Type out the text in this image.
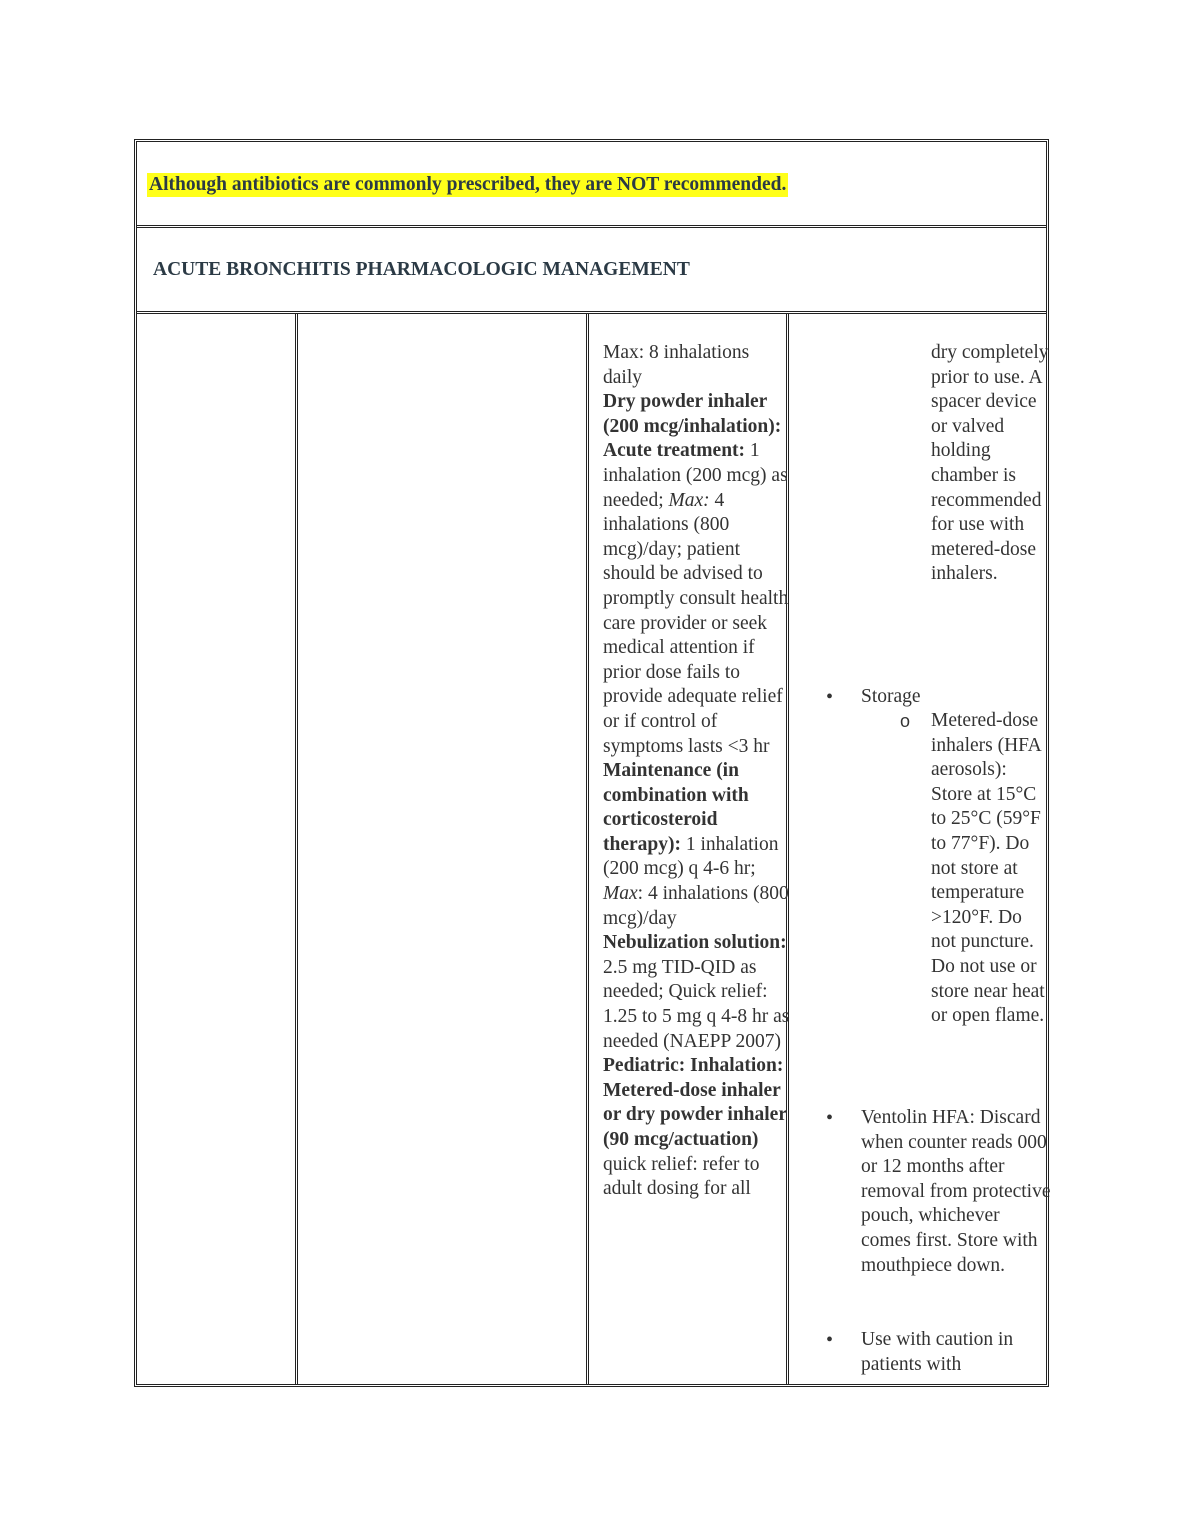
Although antibiotics are commonly prescribed, they are NOT recommended.
ACUTE BRONCHITIS PHARMACOLOGIC MANAGEMENT

Max: 8 inhalations daily

Dry powder inhaler (200 mcg/inhalation): Acute treatment: 1 inhalation (200 mcg) as needed; Max: 4 inhalations (800 mcg)/day; patient should be advised to promptly consult health care provider or seek medical attention if prior dose fails to provide adequate relief or if control of symptoms lasts <3 hr

Maintenance (in combination with corticosteroid therapy): 1 inhalation (200 mcg) q 4-6 hr; Max: 4 inhalations (800 mcg)/day

Nebulization solution: 2.5 mg TID-QID as needed; Quick relief: 1.25 to 5 mg q 4-8 hr as needed (NAEPP 2007)

Pediatric: Inhalation: Metered-dose inhaler or dry powder inhaler (90 mcg/actuation) quick relief: refer to adult dosing for all

dry completely prior to use. A spacer device or valved holding chamber is recommended for use with metered-dose inhalers.

• Storage
o Metered-dose inhalers (HFA aerosols): Store at 15°C to 25°C (59°F to 77°F). Do not store at temperature >120°F. Do not puncture. Do not use or store near heat or open flame.
• Ventolin HFA: Discard when counter reads 000 or 12 months after removal from protective pouch, whichever comes first. Store with mouthpiece down.
• Use with caution in patients with
